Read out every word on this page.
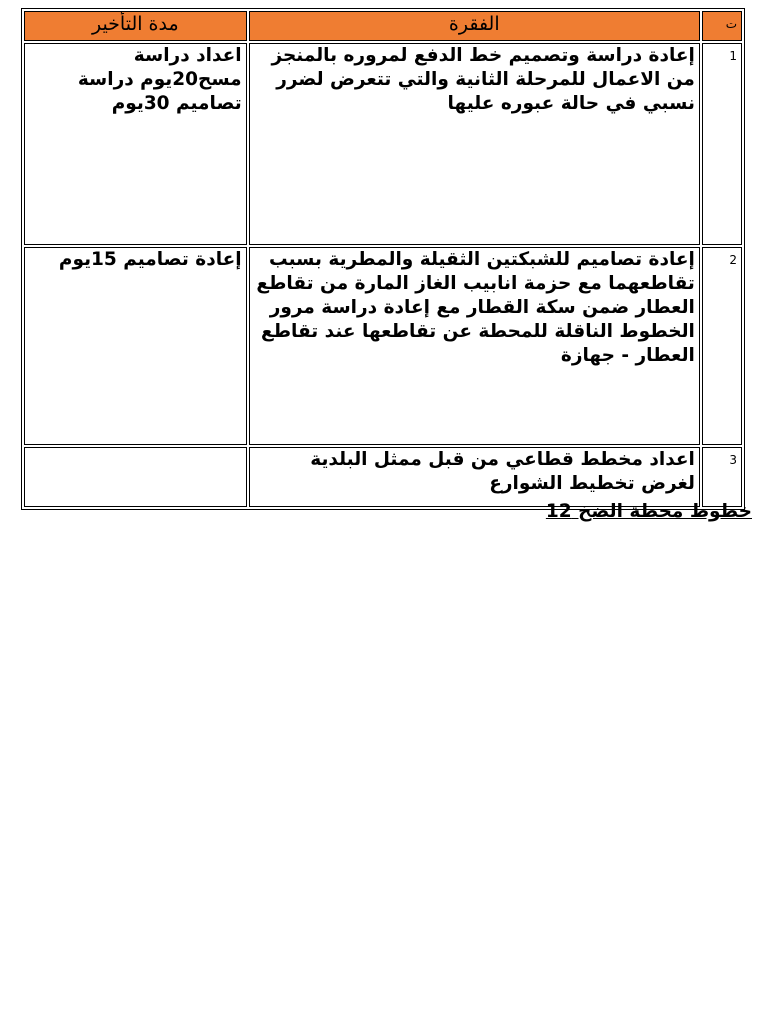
ت	الفقرة	مدة التأخير
1	إعادة دراسة وتصميم خط الدفع لمروره بالمنجز من الاعمال للمرحلة الثانية والتي تتعرض لضرر نسبي في حالة عبوره عليها	اعداد دراسة مسح20يوم دراسة تصاميم 30يوم
2	إعادة تصاميم للشبكتين الثقيلة والمطرية بسبب تقاطعهما مع حزمة انابيب الغاز المارة من تقاطع العطار ضمن سكة القطار مع إعادة دراسة مرور الخطوط الناقلة للمحطة عن تقاطعها عند تقاطع العطار - جهازة	إعادة تصاميم 15يوم
3	اعداد مخطط قطاعي من قبل ممثل البلدية لغرض تخطيط الشوارع	
خطوط محطة الضخ 12
